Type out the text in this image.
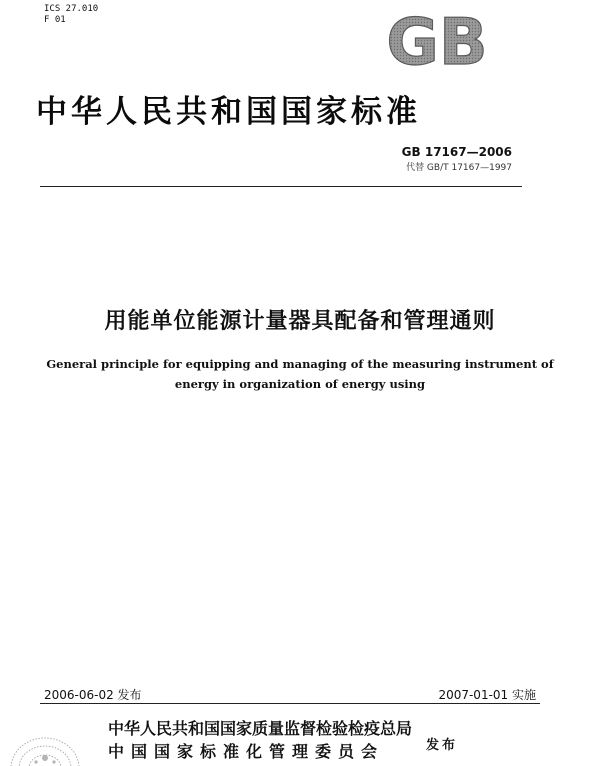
ICS 27.010
F 01	GB
中华人民共和国国家标准
GB 17167—2006
代替 GB/T 17167—1997
用能单位能源计量器具配备和管理通则
General principle for equipping and managing of the measuring instrument of
energy in organization of energy using
2006-06-02 发布	2007-01-01 实施
中华人民共和国国家质量监督检验检疫总局
中国国家标准化管理委员会	发布
